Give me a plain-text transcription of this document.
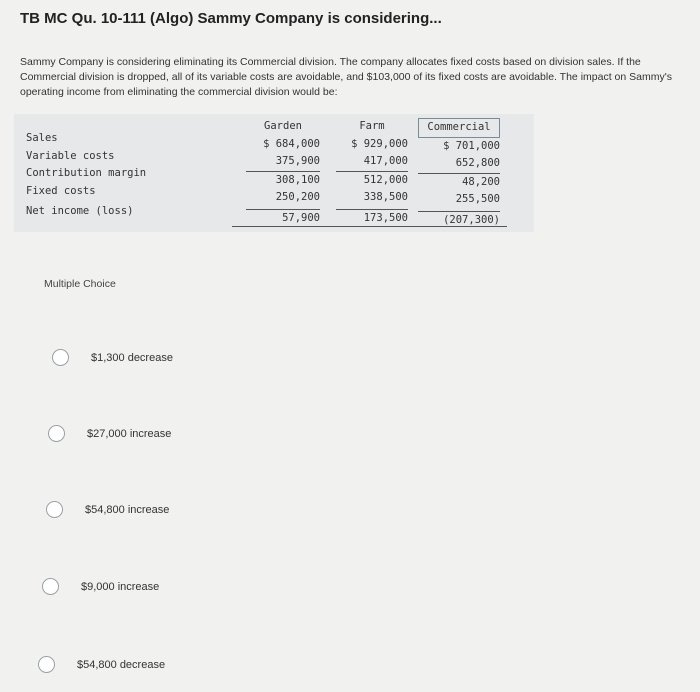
TB MC Qu. 10-111 (Algo) Sammy Company is considering...
Sammy Company is considering eliminating its Commercial division. The company allocates fixed costs based on division sales. If the Commercial division is dropped, all of its variable costs are avoidable, and $103,000 of its fixed costs are avoidable. The impact on Sammy's operating income from eliminating the commercial division would be:
Sales
Variable costs
Contribution margin
Fixed costs
Net income (loss)
Garden
$ 684,000
375,900
308,100
250,200
57,900
Farm
$ 929,000
417,000
512,000
338,500
173,500
Commercial
$ 701,000
652,800
48,200
255,500
(207,300)
Multiple Choice
$1,300 decrease
$27,000 increase
$54,800 increase
$9,000 increase
$54,800 decrease
